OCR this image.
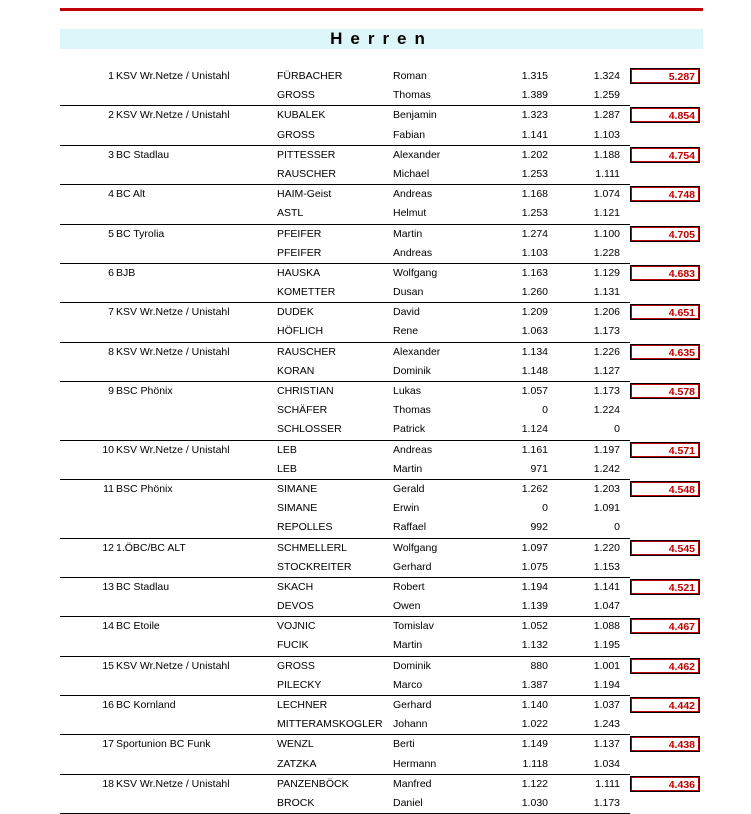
Herren
1 KSV Wr.Netze / Unistahl	5.287
FÜRBACHER	Roman	1.315	1.324
GROSS	Thomas	1.389	1.259
2 KSV Wr.Netze / Unistahl	4.854
KUBALEK	Benjamin	1.323	1.287
GROSS	Fabian	1.141	1.103
3 BC Stadlau	4.754
PITTESSER	Alexander	1.202	1.188
RAUSCHER	Michael	1.253	1.111
4 BC Alt	4.748
HAIM-Geist	Andreas	1.168	1.074
ASTL	Helmut	1.253	1.121
5 BC Tyrolia	4.705
PFEIFER	Martin	1.274	1.100
PFEIFER	Andreas	1.103	1.228
6 BJB	4.683
HAUSKA	Wolfgang	1.163	1.129
KOMETTER	Dusan	1.260	1.131
7 KSV Wr.Netze / Unistahl	4.651
DUDEK	David	1.209	1.206
HÖFLICH	Rene	1.063	1.173
8 KSV Wr.Netze / Unistahl	4.635
RAUSCHER	Alexander	1.134	1.226
KORAN	Dominik	1.148	1.127
9 BSC Phönix	4.578
CHRISTIAN	Lukas	1.057	1.173
SCHÄFER	Thomas	0	1.224
SCHLOSSER	Patrick	1.124	0
10 KSV Wr.Netze / Unistahl	4.571
LEB	Andreas	1.161	1.197
LEB	Martin	971	1.242
11 BSC Phönix	4.548
SIMANE	Gerald	1.262	1.203
SIMANE	Erwin	0	1.091
REPOLLES	Raffael	992	0
12 1.ÖBC/BC ALT	4.545
SCHMELLERL	Wolfgang	1.097	1.220
STOCKREITER	Gerhard	1.075	1.153
13 BC Stadlau	4.521
SKACH	Robert	1.194	1.141
DEVOS	Owen	1.139	1.047
14 BC Etoile	4.467
VOJNIC	Tomislav	1.052	1.088
FUCIK	Martin	1.132	1.195
15 KSV Wr.Netze / Unistahl	4.462
GROSS	Dominik	880	1.001
PILECKY	Marco	1.387	1.194
16 BC Kornland	4.442
LECHNER	Gerhard	1.140	1.037
MITTERAMSKOGLER Johann	1.022	1.243
17 Sportunion BC Funk	4.438
WENZL	Berti	1.149	1.137
ZATZKA	Hermann	1.118	1.034
18 KSV Wr.Netze / Unistahl	4.436
PANZENBÖCK	Manfred	1.122	1.111
BROCK	Daniel	1.030	1.173
